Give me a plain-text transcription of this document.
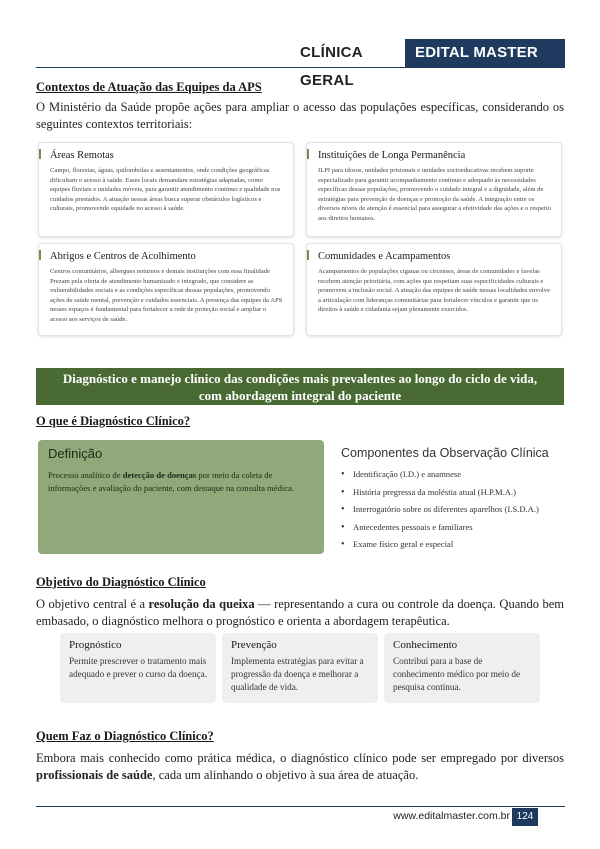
CLÍNICA GERAL
EDITAL MASTER
Contextos de Atuação das Equipes da APS
O Ministério da Saúde propõe ações para ampliar o acesso das populações específicas, considerando os seguintes contextos territoriais:
Áreas Remotas
Campo, florestas, águas, quilombolas e assentamentos, onde condições geográficas dificultam o acesso à saúde. Esses locais demandam estratégias adaptadas, como equipes fluviais e unidades móveis, para garantir atendimento contínuo e qualidade nos cuidados prestados. A atuação nessas áreas busca superar obstáculos logísticos e culturais, promovendo equidade no acesso à saúde.
Instituições de Longa Permanência
ILPI para idosos, unidades prisionais e unidades socioeducativas recebem suporte especializado para garantir acompanhamento contínuo e adequado às necessidades específicas dessas populações, promovendo o cuidado integral e a dignidade, além de estratégias para prevenção de doenças e promoção da saúde. A integração entre os diversos níveis de atenção é essencial para assegurar a efetividade das ações e o respeito aos direitos humanos.
Abrigos e Centros de Acolhimento
Centros comunitários, albergues noturnos e demais instituições com essa finalidade Prezam pela oferta de atendimento humanizado e integrado, que considere as vulnerabilidades sociais e as condições específicas dessas populações, promovendo ações de saúde mental, prevenção e cuidados essenciais. A presença das equipes da APS nesses espaços é fundamental para fortalecer a rede de proteção social e ampliar o acesso aos serviços de saúde.
Comunidades e Acampamentos
Acampamentos de populações ciganas ou circenses, áreas de comunidades e favelas recebem atenção prioritária, com ações que respeitam suas especificidades culturais e promovem a inclusão social. A atuação das equipes de saúde nessas localidades envolve a articulação com lideranças comunitárias para fortalecer vínculos e garantir que os direitos à saúde e cidadania sejam plenamente exercidos.
Diagnóstico e manejo clínico das condições mais prevalentes ao longo do ciclo de vida,
com abordagem integral do paciente
O que é Diagnóstico Clínico?
Definição
Processo analítico de detecção de doenças por meio da coleta de informações e avaliação do paciente, com destaque na consulta médica.
Componentes da Observação Clínica
• Identificação (I.D.) e anamnese
• História pregressa da moléstia atual (H.P.M.A.)
• Interrogatório sobre os diferentes aparelhos (I.S.D.A.)
• Antecedentes pessoais e familiares
• Exame físico geral e especial
Objetivo do Diagnóstico Clínico
O objetivo central é a resolução da queixa — representando a cura ou controle da doença. Quando bem embasado, o diagnóstico melhora o prognóstico e orienta a abordagem terapêutica.
Prognóstico
Permite prescrever o tratamento mais adequado e prever o curso da doença.
Prevenção
Implementa estratégias para evitar a progressão da doença e melhorar a qualidade de vida.
Conhecimento
Contribui para a base de conhecimento médico por meio de pesquisa contínua.
Quem Faz o Diagnóstico Clínico?
Embora mais conhecido como prática médica, o diagnóstico clínico pode ser empregado por diversos profissionais de saúde, cada um alinhando o objetivo à sua área de atuação.
www.editalmaster.com.br 124
